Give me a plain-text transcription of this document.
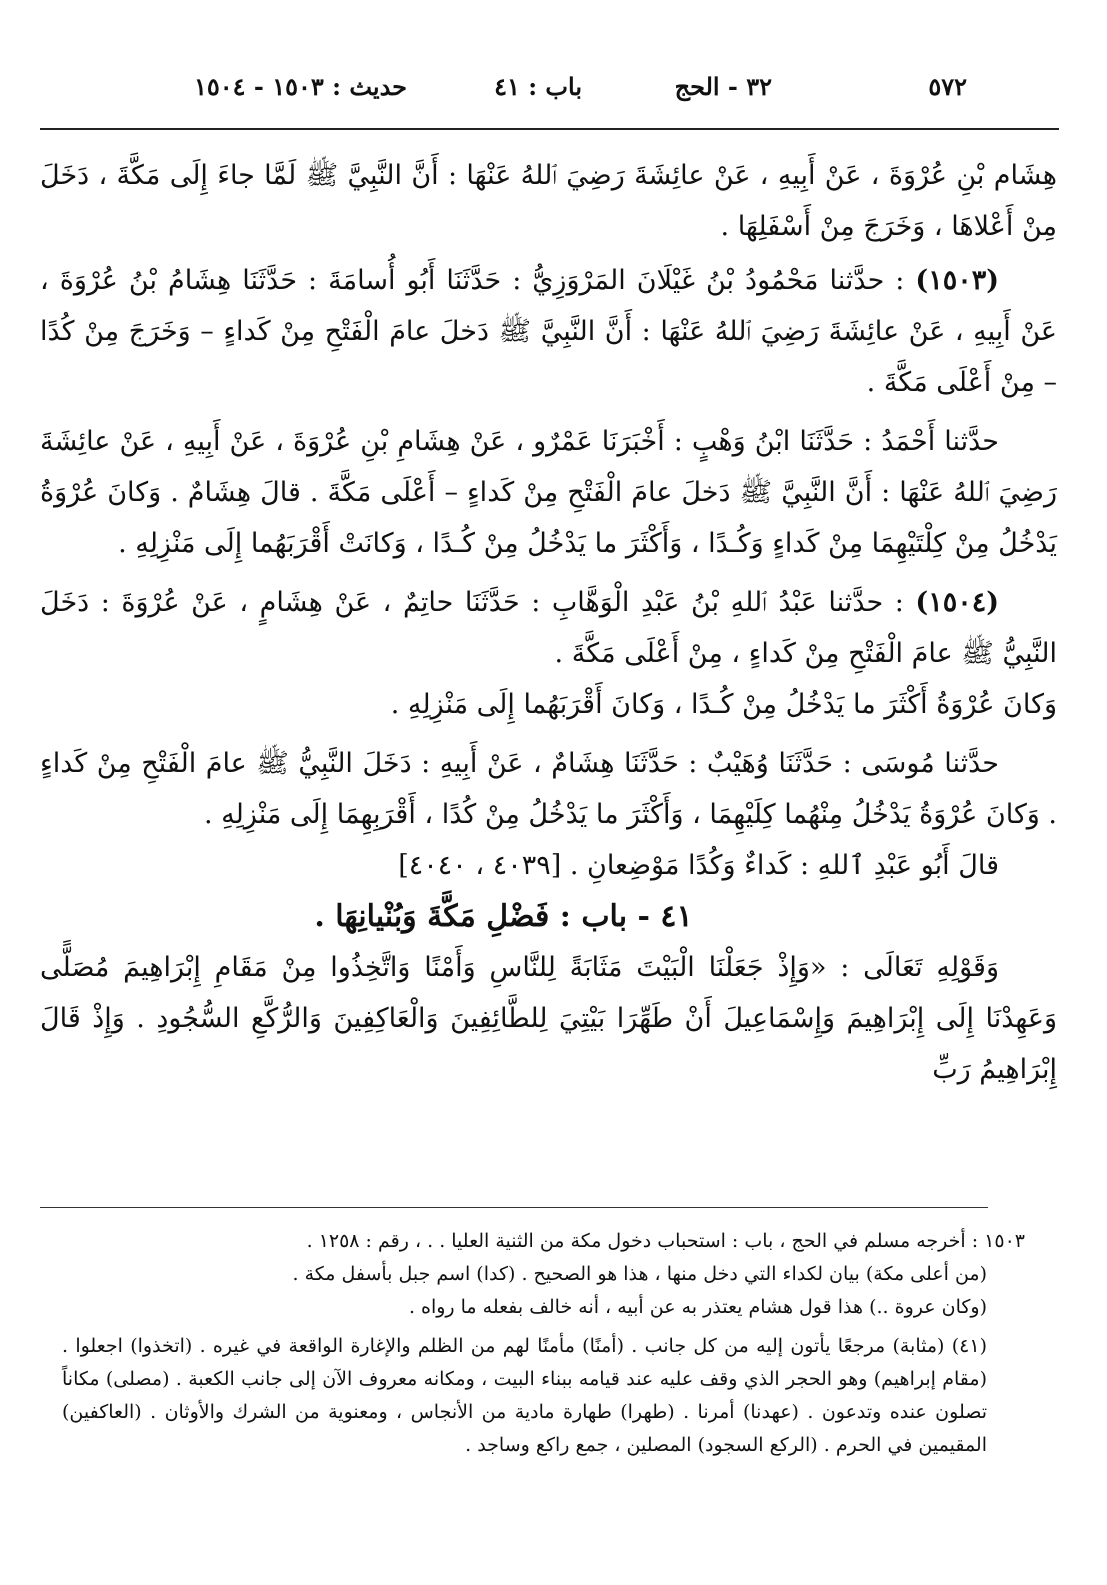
٥٧٢
٣٢ - الحج
باب : ٤١
حديث : ١٥٠٣ - ١٥٠٤

هِشَام بْنِ عُرْوَةَ ، عَنْ أَبِيهِ ، عَنْ عائِشَةَ رَضِيَ ٱللهُ عَنْهَا : أَنَّ النَّبِيَّ ﷺ لَمَّا جاءَ إِلَى مَكَّةَ ، دَخَلَ مِنْ أَعْلاهَا ، وَخَرَجَ مِنْ أَسْفَلِهَا .

(١٥٠٣) : حدَّثنا مَحْمُودُ بْنُ غَيْلَانَ المَرْوَزِيُّ : حَدَّثَنَا أَبُو أُسامَةَ : حَدَّثَنَا هِشَامُ بْنُ عُرْوَةَ ، عَنْ أَبِيهِ ، عَنْ عائِشَةَ رَضِيَ ٱللهُ عَنْهَا : أَنَّ النَّبِيَّ ﷺ دَخلَ عامَ الْفَتْحِ مِنْ كَداءٍ – وَخَرَجَ مِنْ كُدًا – مِنْ أَعْلَى مَكَّةَ .

حدَّثنا أَحْمَدُ : حَدَّثَنَا ابْنُ وَهْبٍ : أَخْبَرَنَا عَمْرٌو ، عَنْ هِشَامِ بْنِ عُرْوَةَ ، عَنْ أَبِيهِ ، عَنْ عائِشَةَ رَضِيَ ٱللهُ عَنْهَا : أَنَّ النَّبِيَّ ﷺ دَخلَ عامَ الْفَتْحِ مِنْ كَداءٍ – أَعْلَى مَكَّةَ . قالَ هِشَامٌ . وَكانَ عُرْوَةُ يَدْخُلُ مِنْ كِلْتَيْهِمَا مِنْ كَداءٍ وَكُـدًا ، وَأَكْثَرَ ما يَدْخُلُ مِنْ كُـدًا ، وَكانَتْ أَقْرَبَهُما إِلَى مَنْزِلِهِ .

(١٥٠٤) : حدَّثنا عَبْدُ ٱللهِ بْنُ عَبْدِ الْوَهَّابِ : حَدَّثَنَا حاتِمٌ ، عَنْ هِشَامٍ ، عَنْ عُرْوَةَ : دَخَلَ النَّبِيُّ ﷺ عامَ الْفَتْحِ مِنْ كَداءٍ ، مِنْ أَعْلَى مَكَّةَ .

وَكانَ عُرْوَةُ أَكْثَرَ ما يَدْخُلُ مِنْ كُـدًا ، وَكانَ أَقْرَبَهُما إِلَى مَنْزِلِهِ .

حدَّثنا مُوسَى : حَدَّثَنَا وُهَيْبٌ : حَدَّثَنَا هِشَامٌ ، عَنْ أَبِيهِ : دَخَلَ النَّبِيُّ ﷺ عامَ الْفَتْحِ مِنْ كَداءٍ . وَكانَ عُرْوَةُ يَدْخُلُ مِنْهُما كِلَيْهِمَا ، وَأَكْثَرَ ما يَدْخُلُ مِنْ كُدًا ، أَقْرَبِهِمَا إِلَى مَنْزِلِهِ .

قالَ أَبُو عَبْدِ ٱللهِ : كَداءٌ وَكُدًا مَوْضِعانِ . [٤٠٣٩ ، ٤٠٤٠]

٤١ - باب : فَضْلِ مَكَّةَ وَبُنْيانِهَا .

وَقَوْلِهِ تَعَالَى : «وَإِذْ جَعَلْنَا الْبَيْتَ مَثَابَةً لِلنَّاسِ وَأَمْنًا وَاتَّخِذُوا مِنْ مَقَامِ إِبْرَاهِيمَ مُصَلًّى وَعَهِدْنَا إِلَى إِبْرَاهِيمَ وَإِسْمَاعِيلَ أَنْ طَهِّرَا بَيْتِيَ لِلطَّائِفِينَ وَالْعَاكِفِينَ وَالرُّكَّعِ السُّجُودِ . وَإِذْ قَالَ إِبْرَاهِيمُ رَبِّ

١٥٠٣ : أخرجه مسلم في الحج ، باب : استحباب دخول مكة من الثنية العليا . . ، رقم : ١٢٥٨ .

(من أعلى مكة) بيان لكداء التي دخل منها ، هذا هو الصحيح . (كدا) اسم جبل بأسفل مكة .

(وكان عروة ..) هذا قول هشام يعتذر به عن أبيه ، أنه خالف بفعله ما رواه .

(٤١) (مثابة) مرجعًا يأتون إليه من كل جانب . (أمنًا) مأمنًا لهم من الظلم والإغارة الواقعة في غيره . (اتخذوا) اجعلوا . (مقام إبراهيم) وهو الحجر الذي وقف عليه عند قيامه ببناء البيت ، ومكانه معروف الآن إلى جانب الكعبة . (مصلى) مكاناً تصلون عنده وتدعون . (عهدنا) أمرنا . (طهرا) طهارة مادية من الأنجاس ، ومعنوية من الشرك والأوثان . (العاكفين) المقيمين في الحرم . (الركع السجود) المصلين ، جمع راكع وساجد .
